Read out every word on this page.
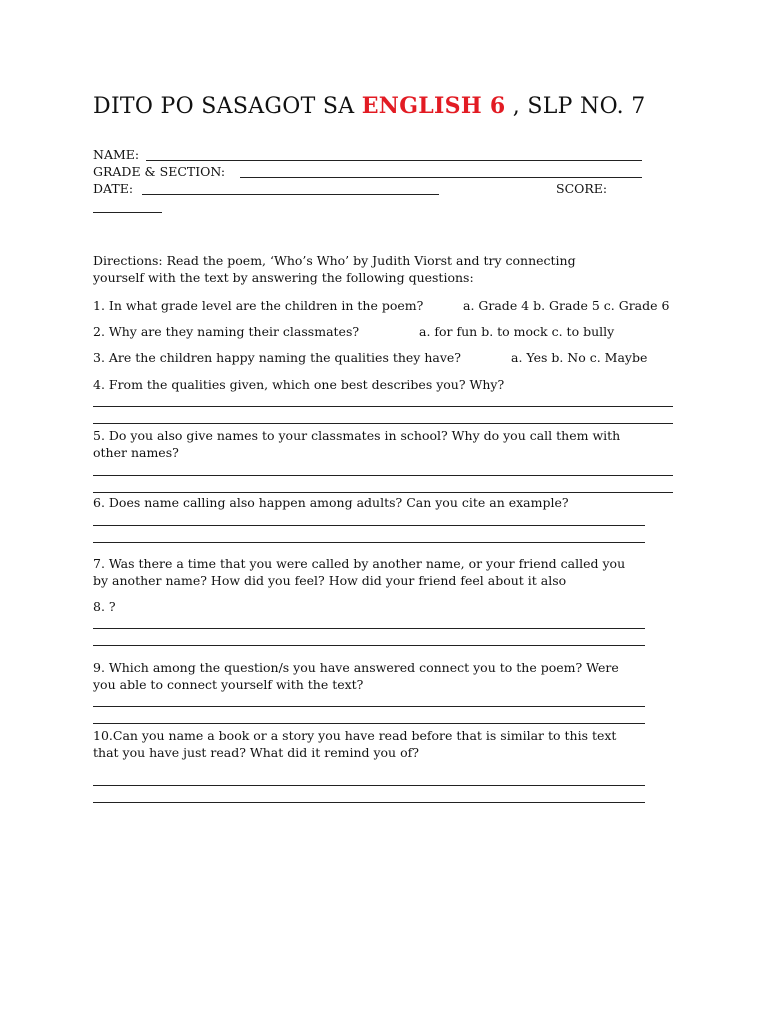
DITO PO SASAGOT SA ENGLISH 6 , SLP NO. 7
NAME:
GRADE & SECTION:
DATE:	SCORE:
Directions: Read the poem, ‘Who’s Who’ by Judith Viorst and try connecting
yourself with the text by answering the following questions:
1. In what grade level are the children in the poem?	a. Grade 4 b. Grade 5 c. Grade 6
2. Why are they naming their classmates?	a. for fun b. to mock c. to bully
3. Are the children happy naming the qualities they have?	a. Yes b. No c. Maybe
4. From the qualities given, which one best describes you? Why?
5. Do you also give names to your classmates in school? Why do you call them with
other names?
6. Does name calling also happen among adults? Can you cite an example?
7. Was there a time that you were called by another name, or your friend called you
by another name? How did you feel? How did your friend feel about it also
8. ?
9. Which among the question/s you have answered connect you to the poem? Were
you able to connect yourself with the text?
10.Can you name a book or a story you have read before that is similar to this text
that you have just read? What did it remind you of?
